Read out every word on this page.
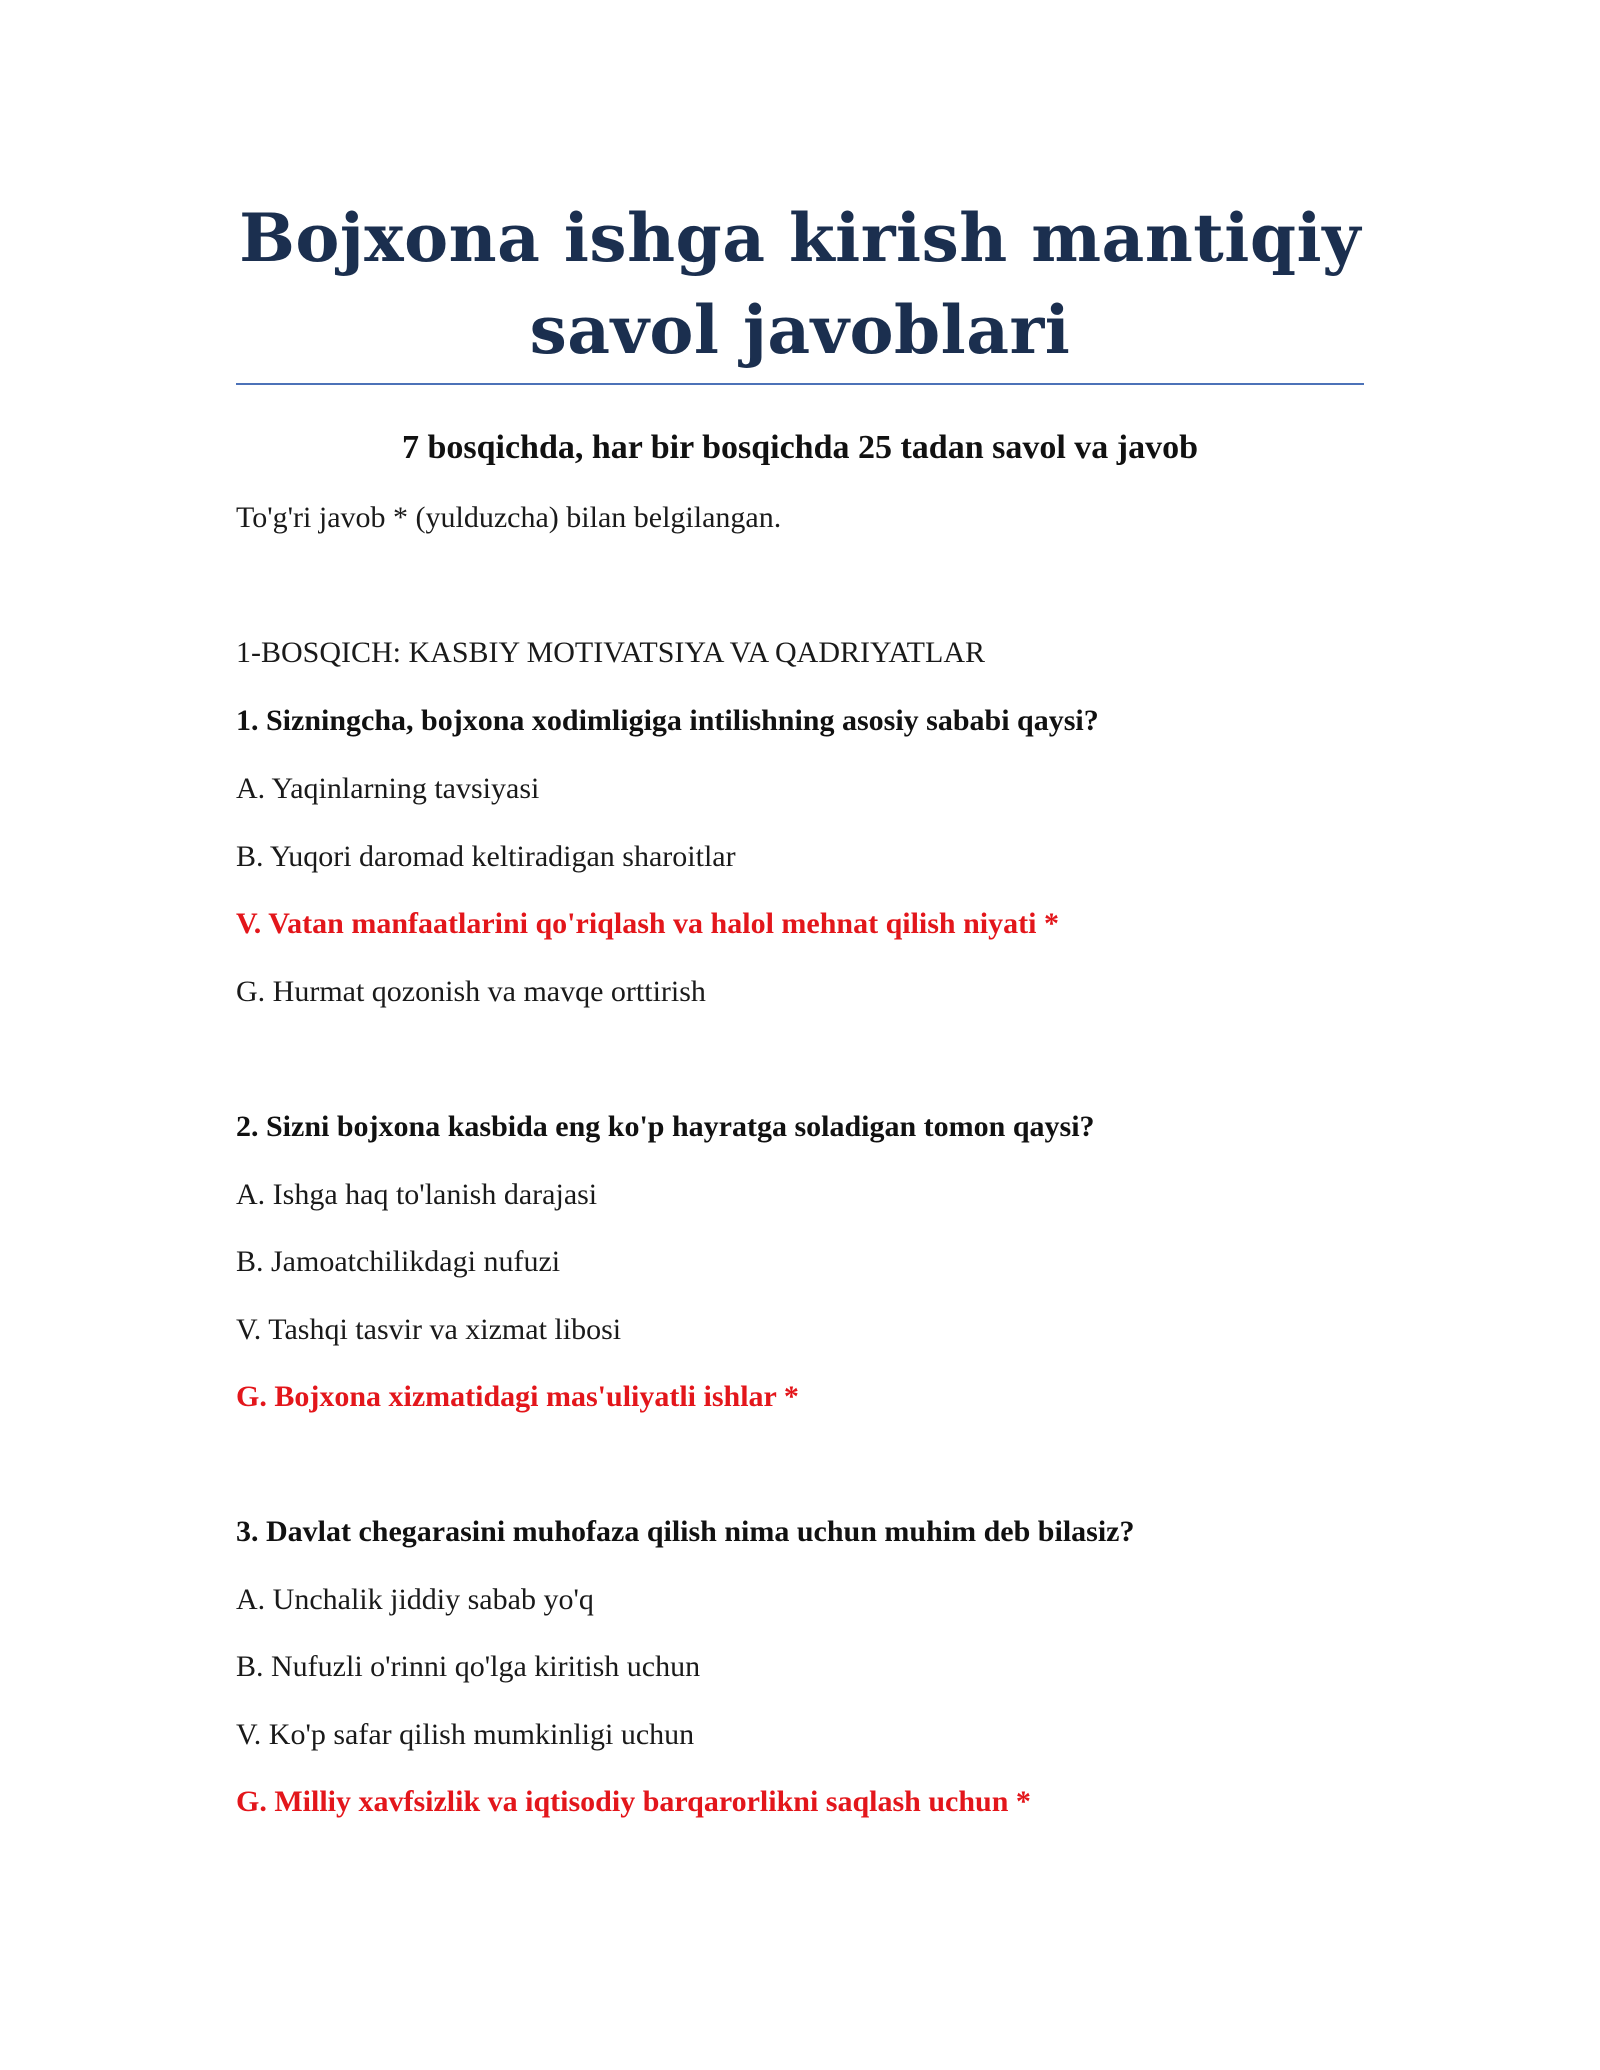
Bojxona ishga kirish mantiqiy savol javoblari
7 bosqichda, har bir bosqichda 25 tadan savol va javob
To'g'ri javob * (yulduzcha) bilan belgilangan.
1-BOSQICH: KASBIY MOTIVATSIYA VA QADRIYATLAR
1. Sizningcha, bojxona xodimligiga intilishning asosiy sababi qaysi?
A. Yaqinlarning tavsiyasi
B. Yuqori daromad keltiradigan sharoitlar
V. Vatan manfaatlarini qo'riqlash va halol mehnat qilish niyati *
G. Hurmat qozonish va mavqe orttirish
2. Sizni bojxona kasbida eng ko'p hayratga soladigan tomon qaysi?
A. Ishga haq to'lanish darajasi
B. Jamoatchilikdagi nufuzi
V. Tashqi tasvir va xizmat libosi
G. Bojxona xizmatidagi mas'uliyatli ishlar *
3. Davlat chegarasini muhofaza qilish nima uchun muhim deb bilasiz?
A. Unchalik jiddiy sabab yo'q
B. Nufuzli o'rinni qo'lga kiritish uchun
V. Ko'p safar qilish mumkinligi uchun
G. Milliy xavfsizlik va iqtisodiy barqarorlikni saqlash uchun *
